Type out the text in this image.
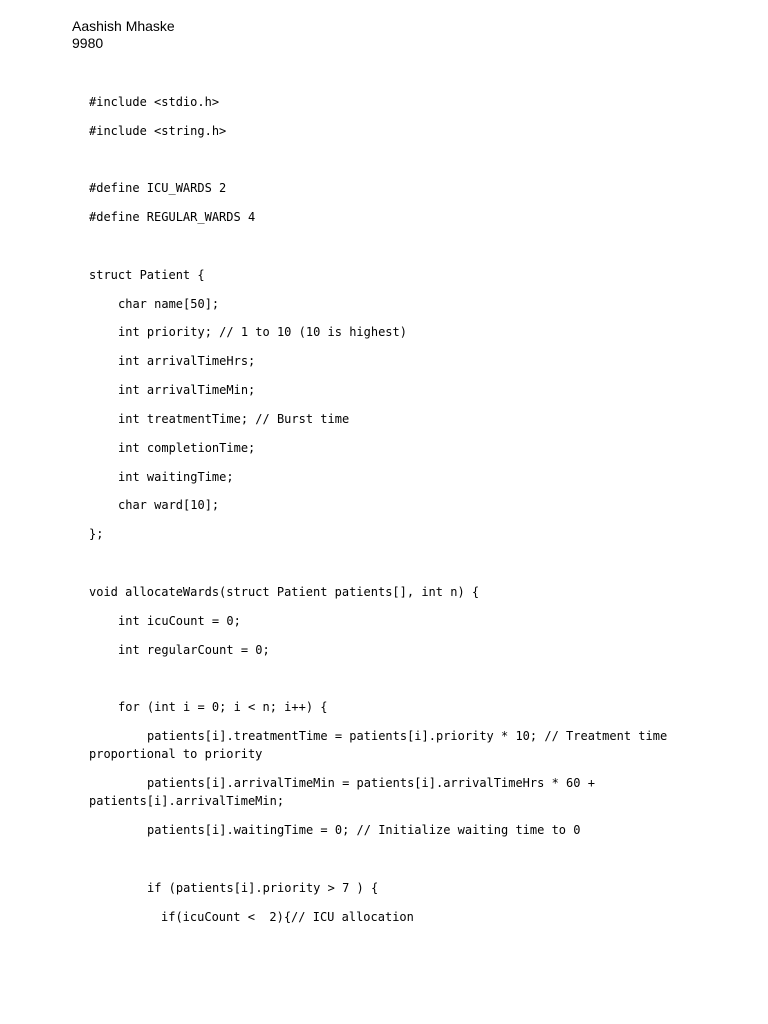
Aashish Mhaske
9980

#include <stdio.h>

#include <string.h>

#define ICU_WARDS 2

#define REGULAR_WARDS 4

struct Patient {

char name[50];

int priority; // 1 to 10 (10 is highest)

int arrivalTimeHrs;

int arrivalTimeMin;

int treatmentTime; // Burst time

int completionTime;

int waitingTime;

char ward[10];

};

void allocateWards(struct Patient patients[], int n) {

int icuCount = 0;

int regularCount = 0;

for (int i = 0; i < n; i++) {

patients[i].treatmentTime = patients[i].priority * 10; // Treatment time

proportional to priority

patients[i].arrivalTimeMin = patients[i].arrivalTimeHrs * 60 +

patients[i].arrivalTimeMin;

patients[i].waitingTime = 0; // Initialize waiting time to 0

if (patients[i].priority > 7 ) {

if(icuCount <  2){// ICU allocation
